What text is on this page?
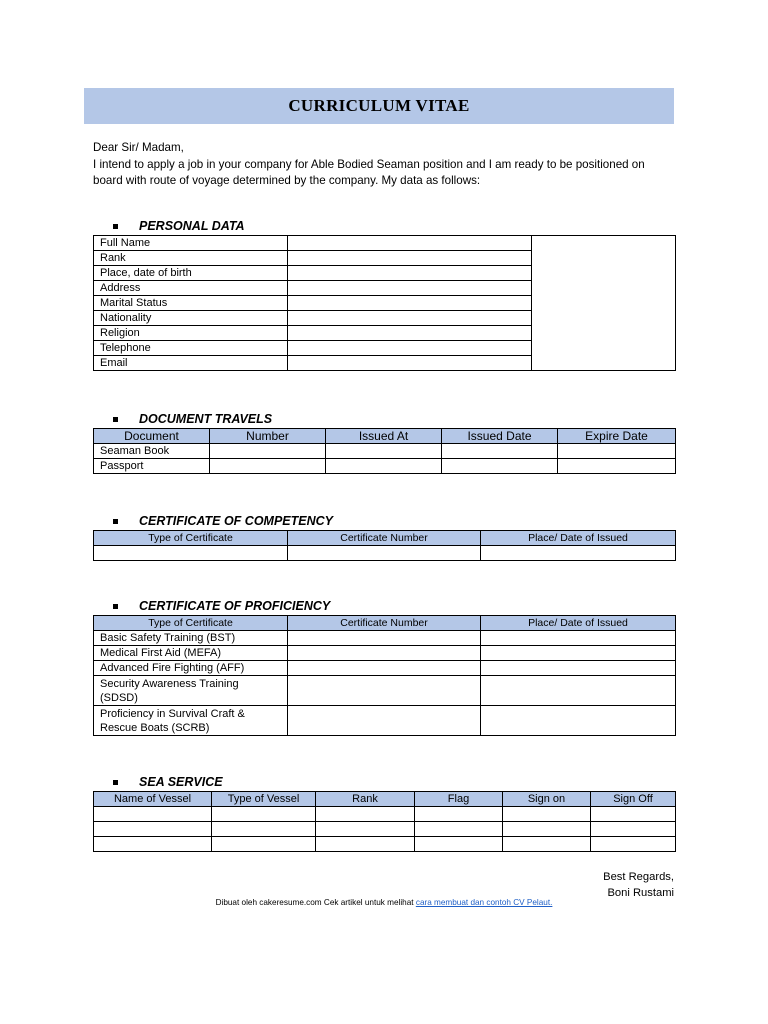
CURRICULUM VITAE
Dear Sir/ Madam,
I intend to apply a job in your company for Able Bodied Seaman position and I am ready to be positioned on
board with route of voyage determined by the company. My data as follows:
PERSONAL DATA
Full Name		
Rank		
Place, date of birth		
Address		
Marital Status		
Nationality		
Religion		
Telephone		
Email		
DOCUMENT TRAVELS
Document	Number	Issued At	Issued Date	Expire Date
Seaman Book				
Passport				
CERTIFICATE OF COMPETENCY
Type of Certificate	Certificate Number	Place/ Date of Issued

CERTIFICATE OF PROFICIENCY
Type of Certificate	Certificate Number	Place/ Date of Issued
Basic Safety Training (BST)		
Medical First Aid (MEFA)		
Advanced Fire Fighting (AFF)		

Security Awareness Training
(SDSD)		

Proficiency in Survival Craft &
Rescue Boats (SCRB)		

SEA SERVICE
Name of Vessel	Type of Vessel	Rank	Flag	Sign on	Sign Off

Best Regards,
Boni Rustami
Dibuat oleh cakeresume.com Cek artikel untuk melihat cara membuat dan contoh CV Pelaut.
